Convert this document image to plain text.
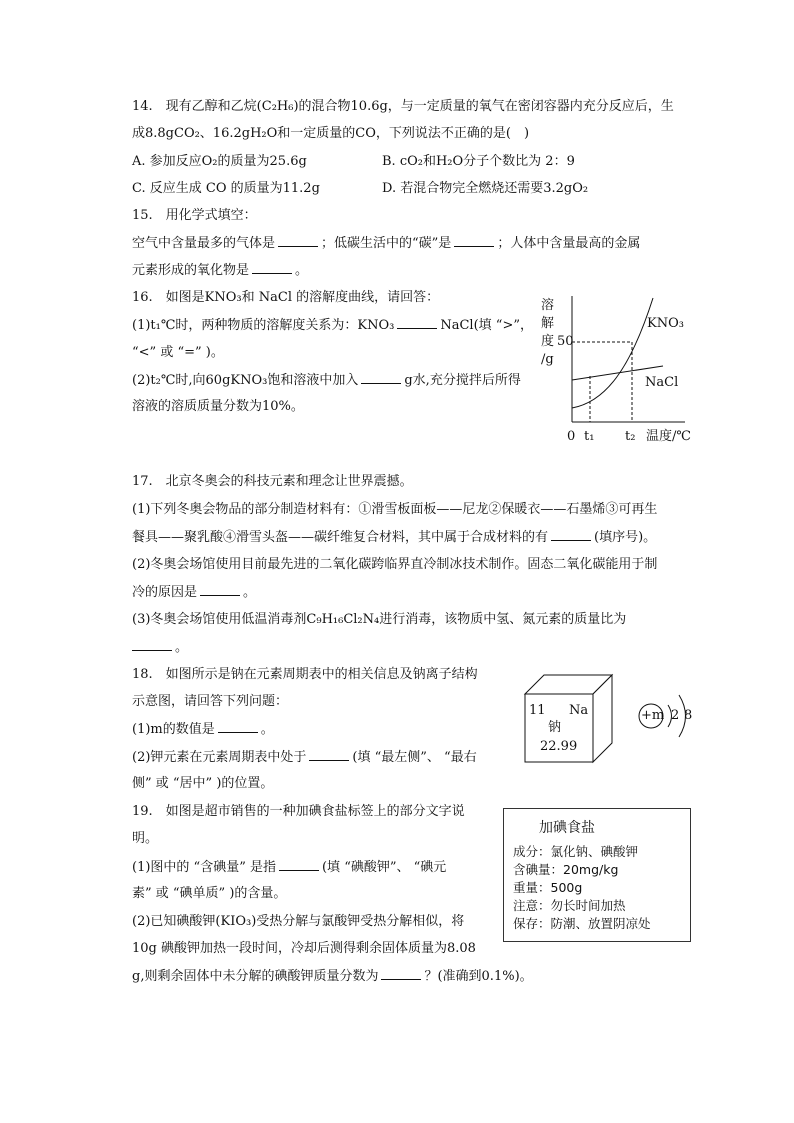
14.　现有乙醇和乙烷(C₂H₆)的混合物10.6g，与一定质量的氧气在密闭容器内充分反应后，生
成8.8gCO₂、16.2gH₂O和一定质量的CO，下列说法不正确的是(　)
A. 参加反应O₂的质量为25.6g	B. cO₂和H₂O分子个数比为 2：9
C. 反应生成 CO 的质量为11.2g	D. 若混合物完全燃烧还需要3.2gO₂
15.　用化学式填空：
空气中含量最多的气体是	；低碳生活中的“碳”是	；人体中含量最高的金属
元素形成的氧化物是	。
16.　如图是KNO₃和 NaCl 的溶解度曲线，请回答：
(1)t₁℃时，两种物质的溶解度关系为：KNO₃	NaCl(填 “>”，
“<” 或 “=” )。
(2)t₂℃时,向60gKNO₃饱和溶液中加入	g水,充分搅拌后所得
溶液的溶质质量分数为10%。
溶
解
度
/g
50
KNO₃
NaCl
0 t₁ t₂ 温度/℃
17.　北京冬奥会的科技元素和理念让世界震撼。
(1)下列冬奥会物品的部分制造材料有：①滑雪板面板——尼龙②保暖衣——石墨烯③可再生
餐具——聚乳酸④滑雪头盔——碳纤维复合材料，其中属于合成材料的有	(填序号)。
(2)冬奥会场馆使用目前最先进的二氧化碳跨临界直冷制冰技术制作。固态二氧化碳能用于制
冷的原因是	。
(3)冬奥会场馆使用低温消毒剂C₉H₁₆Cl₂N₄进行消毒，该物质中氢、氮元素的质量比为
。
18.　如图所示是钠在元素周期表中的相关信息及钠离子结构
示意图，请回答下列问题：
(1)m的数值是	。
(2)钾元素在元素周期表中处于	(填 “最左侧”、 “最右
侧” 或 “居中” )的位置。
11 Na
钠
22.99
+m 2 8
19.　如图是超市销售的一种加碘食盐标签上的部分文字说
明。
(1)图中的 “含碘量” 是指	(填 “碘酸钾”、 “碘元
素” 或 “碘单质” )的含量。
(2)已知碘酸钾(KIO₃)受热分解与氯酸钾受热分解相似，将
10g 碘酸钾加热一段时间，冷却后测得剩余固体质量为8.08
g,则剩余固体中未分解的碘酸钾质量分数为	？(准确到0.1%)。
加碘食盐
成分：氯化钠、碘酸钾
含碘量：20mg/kg
重量：500g
注意：勿长时间加热
保存：防潮、放置阴凉处
